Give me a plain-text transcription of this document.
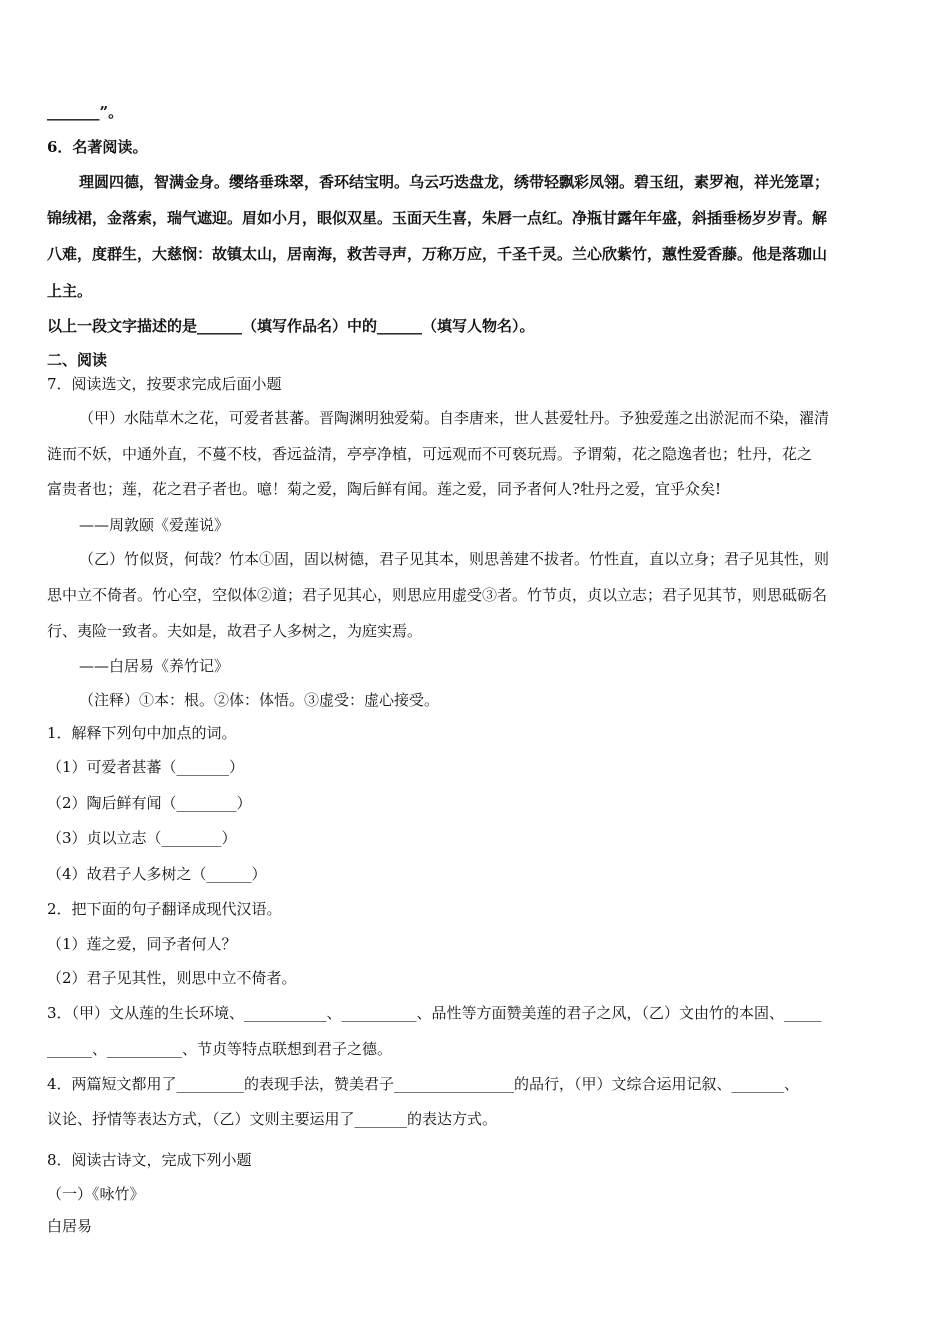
_______”。
6．名著阅读。
理圆四德，智满金身。缨络垂珠翠，香环结宝明。乌云巧迭盘龙，绣带轻飘彩凤翎。碧玉纽，素罗袍，祥光笼罩；
锦绒裙，金落索，瑞气遮迎。眉如小月，眼似双星。玉面天生喜，朱唇一点红。净瓶甘露年年盛，斜插垂杨岁岁青。解
八难，度群生，大慈悯：故镇太山，居南海，救苦寻声，万称万应，千圣千灵。兰心欣紫竹，蕙性爱香藤。他是落珈山
上主。
以上一段文字描述的是______（填写作品名）中的______（填写人物名）。
二、阅读
7．阅读选文，按要求完成后面小题
（甲）水陆草木之花，可爱者甚蕃。晋陶渊明独爱菊。自李唐来，世人甚爱牡丹。予独爱莲之出淤泥而不染，濯清
涟而不妖，中通外直，不蔓不枝，香远益清，亭亭净植，可远观而不可亵玩焉。予谓菊，花之隐逸者也；牡丹，花之
富贵者也；莲，花之君子者也。噫！菊之爱，陶后鲜有闻。莲之爱，同予者何人?牡丹之爱，宜乎众矣!
——周敦颐《爱莲说》
（乙）竹似贤，何哉？竹本①固，固以树德，君子见其本，则思善建不拔者。竹性直，直以立身；君子见其性，则
思中立不倚者。竹心空，空似体②道；君子见其心，则思应用虚受③者。竹节贞，贞以立志；君子见其节，则思砥砺名
行、夷险一致者。夫如是，故君子人多树之，为庭实焉。
——白居易《养竹记》
（注释）①本：根。②体：体悟。③虚受：虚心接受。
1．解释下列句中加点的词。
（1）可爱者甚蕃（_______）
（2）陶后鲜有闻（________）
（3）贞以立志（________）
（4）故君子人多树之（______）
2．把下面的句子翻译成现代汉语。
（1）莲之爱，同予者何人？
（2）君子见其性，则思中立不倚者。
3．（甲）文从莲的生长环境、___________、__________、品性等方面赞美莲的君子之风，（乙）文由竹的本固、_____
______、__________、节贞等特点联想到君子之德。
4．两篇短文都用了_________的表现手法，赞美君子________________的品行，（甲）文综合运用记叙、_______、
议论、抒情等表达方式，（乙）文则主要运用了_______的表达方式。
8．阅读古诗文，完成下列小题
（一）《咏竹》
白居易
